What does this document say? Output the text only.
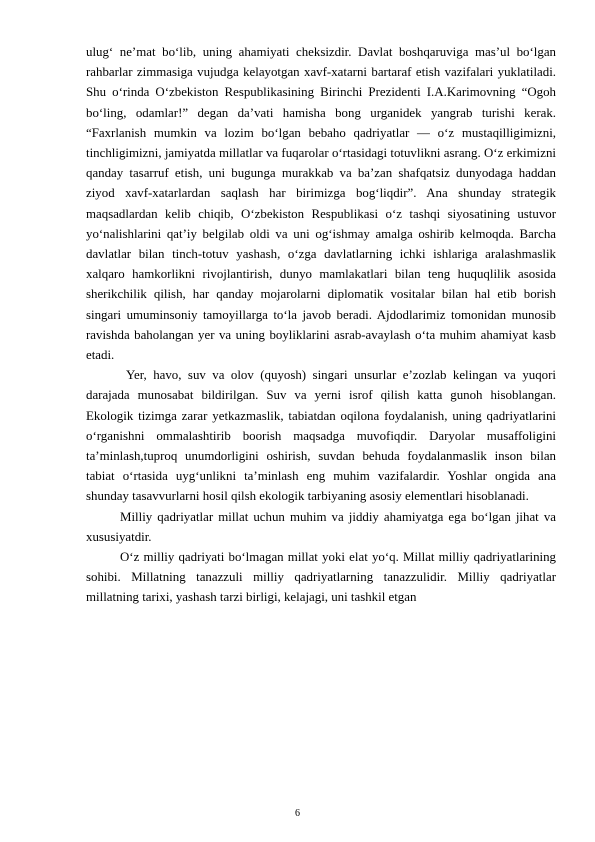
ulug‘ ne’mat bo‘lib, uning ahamiyati cheksizdir. Davlat boshqaruviga mas’ul bo‘lgan rahbarlar zimmasiga vujudga kelayotgan xavf-xatarni bartaraf etish vazifalari yuklatiladi. Shu o‘rinda O‘zbekiston Respublikasining Birinchi Prezidenti I.A.Karimovning “Ogoh bo‘ling, odamlar!” degan da’vati hamisha bong urganidek yangrab turishi kerak. “Faxrlanish mumkin va lozim bo‘lgan bebaho qadriyatlar — o‘z mustaqilligimizni, tinchligimizni, jamiyatda millatlar va fuqarolar o‘rtasidagi totuvlikni asrang. O‘z erkimizni qanday tasarruf etish, uni bugunga murakkab va ba’zan shafqatsiz dunyodaga haddan ziyod xavf-xatarlardan saqlash har birimizga bog‘liqdir”. Ana shunday strategik maqsadlardan kelib chiqib, O‘zbekiston Respublikasi o‘z tashqi siyosatining ustuvor yo‘nalishlarini qat’iy belgilab oldi va uni og‘ishmay amalga oshirib kelmoqda. Barcha davlatlar bilan tinch-totuv yashash, o‘zga davlatlarning ichki ishlariga aralashmaslik xalqaro hamkorlikni rivojlantirish, dunyo mamlakatlari bilan teng huquqlilik asosida sherikchilik qilish, har qanday mojarolarni diplomatik vositalar bilan hal etib borish singari umuminsoniy tamoyillarga to‘la javob beradi. Ajdodlarimiz tomonidan munosib ravishda baholangan yer va uning boyliklarini asrab-avaylash o‘ta muhim ahamiyat kasb etadi.

Yer, havo, suv va olov (quyosh) singari unsurlar e’zozlab kelingan va yuqori darajada munosabat bildirilgan. Suv va yerni isrof qilish katta gunoh hisoblangan. Ekologik tizimga zarar yetkazmaslik, tabiatdan oqilona foydalanish, uning qadriyatlarini o‘rganishni ommalashtirib boorish maqsadga muvofiqdir. Daryolar musaffoligini ta’minlash,tuproq unumdorligini oshirish, suvdan behuda foydalanmaslik inson bilan tabiat o‘rtasida uyg‘unlikni ta’minlash eng muhim vazifalardir. Yoshlar ongida ana shunday tasavvurlarni hosil qilsh ekologik tarbiyaning asosiy elementlari hisoblanadi.

Milliy qadriyatlar millat uchun muhim va jiddiy ahamiyatga ega bo‘lgan jihat va xususiyatdir.

O‘z milliy qadriyati bo‘lmagan millat yoki elat yo‘q. Millat milliy qadriyatlarining sohibi. Millatning tanazzuli milliy qadriyatlarning tanazzulidir. Milliy qadriyatlar millatning tarixi, yashash tarzi birligi, kelajagi, uni tashkil etgan

6
